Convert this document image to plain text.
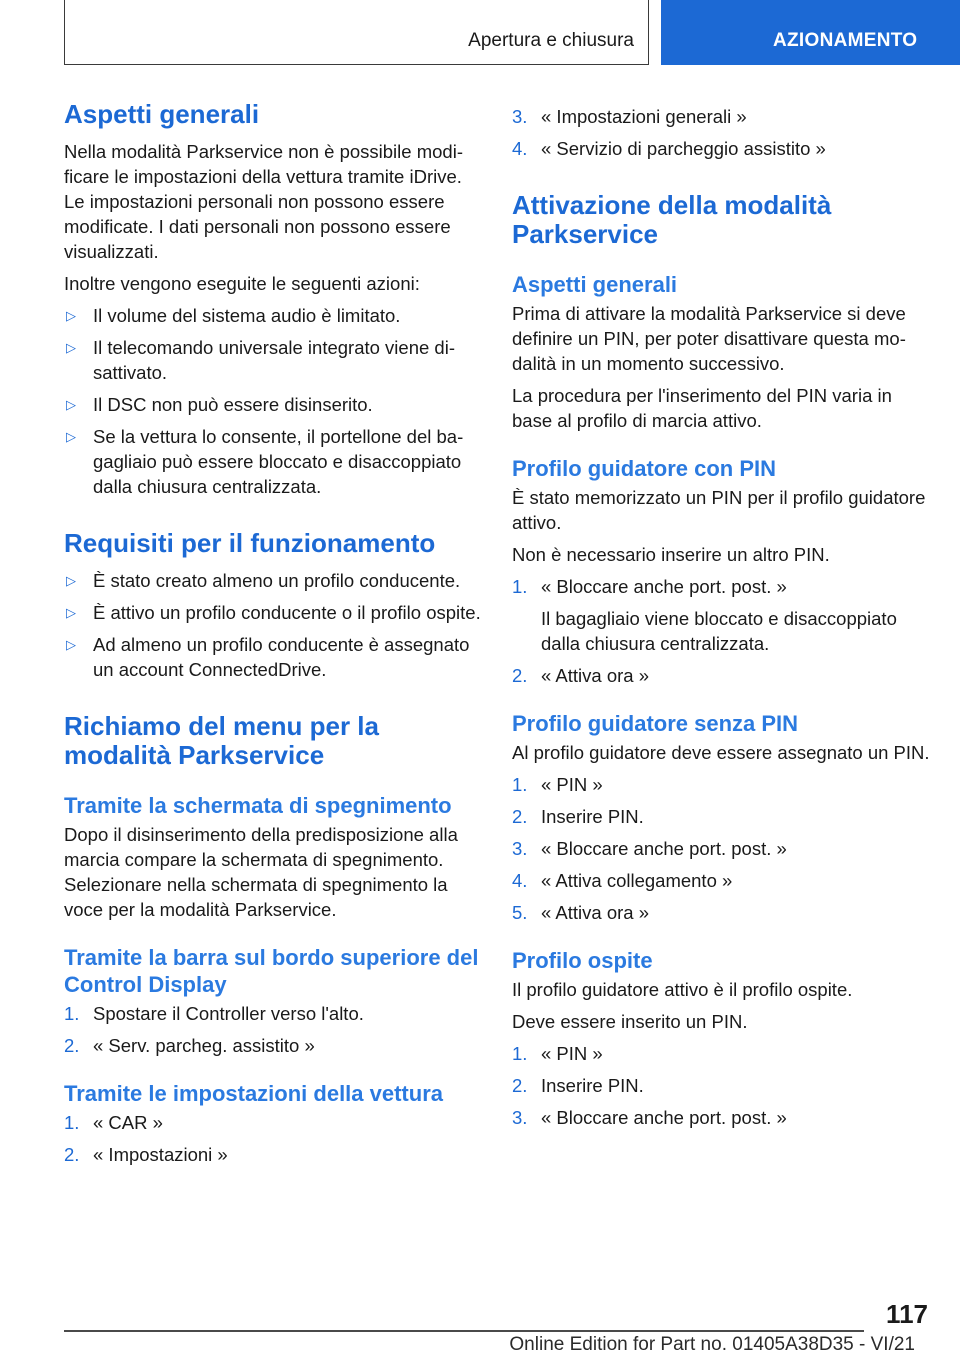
Apertura e chiusura	AZIONAMENTO
Aspetti generali
Nella modalità Parkservice non è possibile modificare le impostazioni della vettura tramite iDrive. Le impostazioni personali non possono essere modificate. I dati personali non possono essere visualizzati.
Inoltre vengono eseguite le seguenti azioni:
▷ Il volume del sistema audio è limitato.
▷ Il telecomando universale integrato viene disattivato.
▷ Il DSC non può essere disinserito.
▷ Se la vettura lo consente, il portellone del bagagliaio può essere bloccato e disaccoppiato dalla chiusura centralizzata.
Requisiti per il funzionamento
▷ È stato creato almeno un profilo conducente.
▷ È attivo un profilo conducente o il profilo ospite.
▷ Ad almeno un profilo conducente è assegnato un account ConnectedDrive.
Richiamo del menu per la modalità Parkservice
Tramite la schermata di spegnimento
Dopo il disinserimento della predisposizione alla marcia compare la schermata di spegnimento. Selezionare nella schermata di spegnimento la voce per la modalità Parkservice.
Tramite la barra sul bordo superiore del Control Display
1. Spostare il Controller verso l'alto.
2. « Serv. parcheg. assistito »
Tramite le impostazioni della vettura
1. « CAR »
2. « Impostazioni »
3. « Impostazioni generali »
4. « Servizio di parcheggio assistito »
Attivazione della modalità Parkservice
Aspetti generali
Prima di attivare la modalità Parkservice si deve definire un PIN, per poter disattivare questa modalità in un momento successivo.
La procedura per l'inserimento del PIN varia in base al profilo di marcia attivo.
Profilo guidatore con PIN
È stato memorizzato un PIN per il profilo guidatore attivo.
Non è necessario inserire un altro PIN.
1. « Bloccare anche port. post. »
Il bagagliaio viene bloccato e disaccoppiato dalla chiusura centralizzata.
2. « Attiva ora »
Profilo guidatore senza PIN
Al profilo guidatore deve essere assegnato un PIN.
1. « PIN »
2. Inserire PIN.
3. « Bloccare anche port. post. »
4. « Attiva collegamento »
5. « Attiva ora »
Profilo ospite
Il profilo guidatore attivo è il profilo ospite.
Deve essere inserito un PIN.
1. « PIN »
2. Inserire PIN.
3. « Bloccare anche port. post. »
117
Online Edition for Part no. 01405A38D35 - VI/21
